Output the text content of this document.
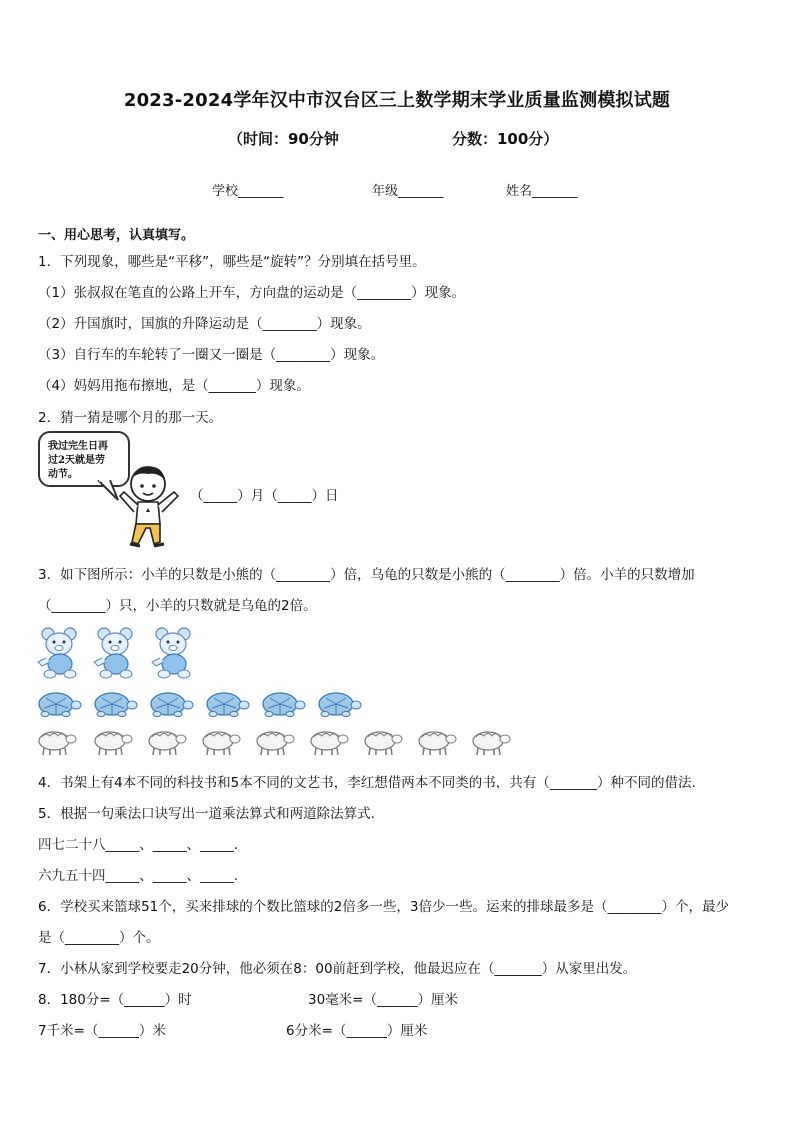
2023-2024学年汉中市汉台区三上数学期末学业质量监测模拟试题
（时间：90分钟	分数：100分）
学校_______	年级_______	姓名_______
一、用心思考，认真填写。
1．下列现象，哪些是“平移”，哪些是“旋转”？分别填在括号里。
（1）张叔叔在笔直的公路上开车，方向盘的运动是（________）现象。
（2）升国旗时，国旗的升降运动是（________）现象。
（3）自行车的车轮转了一圈又一圈是（________）现象。
（4）妈妈用拖布擦地，是（_______）现象。
2．猜一猜是哪个月的那一天。
我过完生日再
过2天就是劳
动节。
（_____）月（_____）日
3．如下图所示：小羊的只数是小熊的（________）倍，乌龟的只数是小熊的（________）倍。小羊的只数增加
（________）只，小羊的只数就是乌龟的2倍。
4．书架上有4本不同的科技书和5本不同的文艺书，李红想借两本不同类的书，共有（_______）种不同的借法.
5．根据一句乘法口诀写出一道乘法算式和两道除法算式.
四七二十八_____、_____、_____.
六九五十四_____、_____、_____.
6．学校买来篮球51个，买来排球的个数比篮球的2倍多一些，3倍少一些。运来的排球最多是（________）个，最少
是（________）个。
7．小林从家到学校要走20分钟，他必须在8：00前赶到学校，他最迟应在（_______）从家里出发。
8．180分=（______）时	30毫米=（______）厘米
7千米=（______）米	6分米=（______）厘米
